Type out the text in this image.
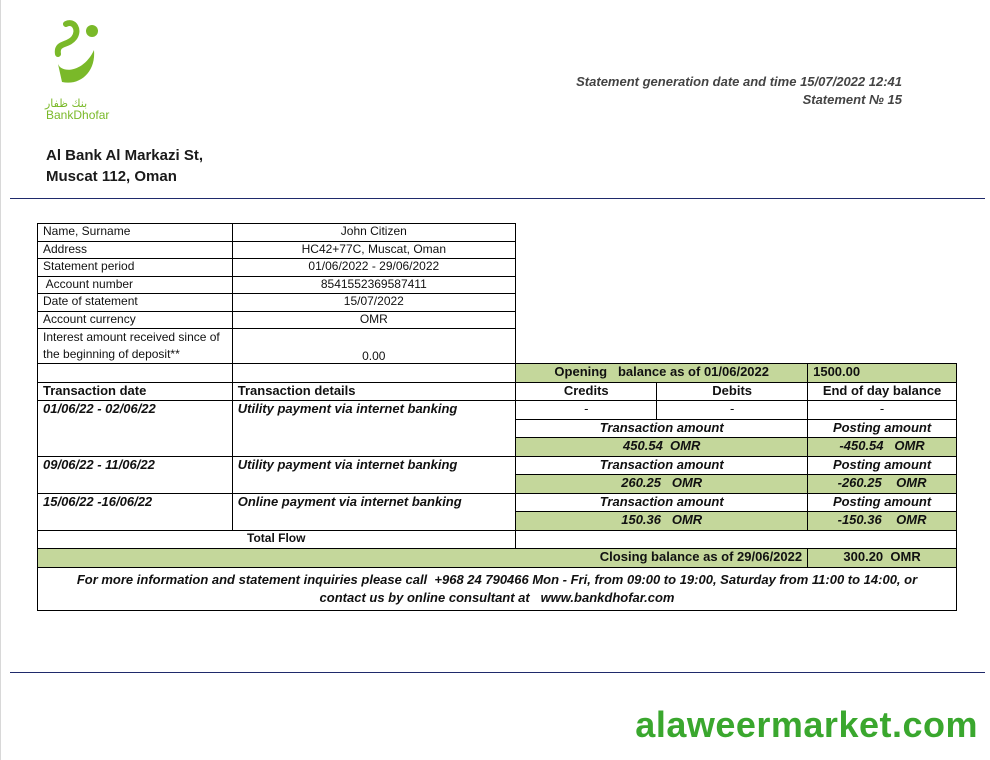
بنك ظفار
BankDhofar
Statement generation date and time 15/07/2022 12:41
Statement № 15
Al Bank Al Markazi St,
Muscat 112, Oman
Name, Surname	John Citizen
Address	HC42+77C, Muscat, Oman
Statement period	01/06/2022 - 29/06/2022
Account number	8541552369587411
Date of statement	15/07/2022
Account currency	OMR
Interest amount received since of the beginning of deposit**	0.00
		Opening   balance as of 01/06/2022		1500.00
Transaction date	Transaction details	Credits	Debits	End of day balance
01/06/22 - 02/06/22	Utility payment via internet banking	-	-	-
		Transaction amount		Posting amount
		450.54  OMR		-450.54   OMR
09/06/22 - 11/06/22	Utility payment via internet banking	Transaction amount		Posting amount
		260.25   OMR		-260.25    OMR
15/06/22 -16/06/22	Online payment via internet banking	Transaction amount		Posting amount
		150.36   OMR		-150.36    OMR
Total Flow				
Closing balance as of 29/06/2022				300.20  OMR

For more information and statement inquiries please call  +968 24 790466 Mon - Fri, from 09:00 to 19:00, Saturday from 11:00 to 14:00, or
contact us by online consultant at   www.bankdhofar.com				
alaweermarket.com
